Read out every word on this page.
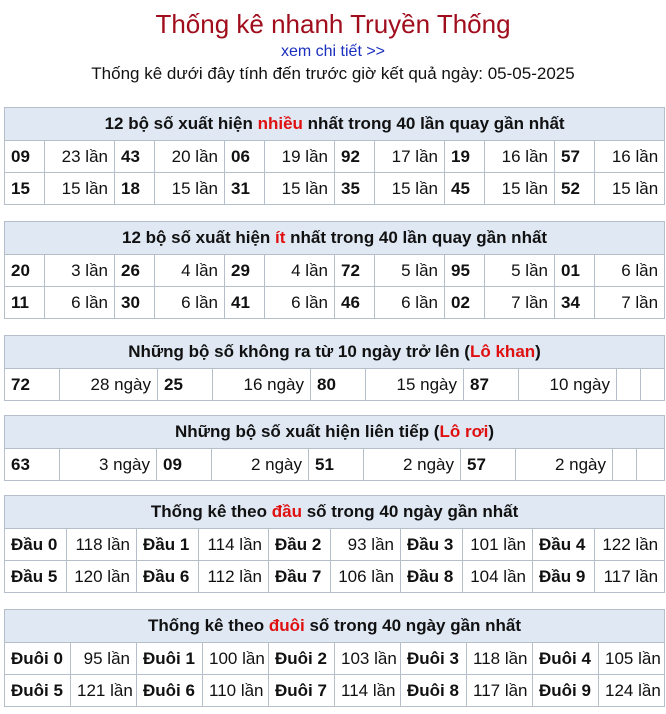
Thống kê nhanh Truyền Thống
xem chi tiết >>
Thống kê dưới đây tính đến trước giờ kết quả ngày: 05-05-2025
12 bộ số xuất hiện nhiều nhất trong 40 lần quay gần nhất											
09	23 lần	43	20 lần	06	19 lần	92	17 lần	19	16 lần	57	16 lần
15	15 lần	18	15 lần	31	15 lần	35	15 lần	45	15 lần	52	15 lần
12 bộ số xuất hiện ít nhất trong 40 lần quay gần nhất											
20	3 lần	26	4 lần	29	4 lần	72	5 lần	95	5 lần	01	6 lần
11	6 lần	30	6 lần	41	6 lần	46	6 lần	02	7 lần	34	7 lần
Những bộ số không ra từ 10 ngày trở lên (Lô khan)
72	28 ngày	25	16 ngày	80	15 ngày	87	10 ngày		
Những bộ số xuất hiện liên tiếp (Lô rơi)
63	3 ngày	09	2 ngày	51	2 ngày	57	2 ngày		
Thống kê theo đầu số trong 40 ngày gần nhất									
Đầu 0	118 lần	Đầu 1	114 lần	Đầu 2	93 lần	Đầu 3	101 lần	Đầu 4	122 lần
Đầu 5	120 lần	Đầu 6	112 lần	Đầu 7	106 lần	Đầu 8	104 lần	Đầu 9	117 lần
Thống kê theo đuôi số trong 40 ngày gần nhất									
Đuôi 0	95 lần	Đuôi 1	100 lần	Đuôi 2	103 lần	Đuôi 3	118 lần	Đuôi 4	105 lần
Đuôi 5	121 lần	Đuôi 6	110 lần	Đuôi 7	114 lần	Đuôi 8	117 lần	Đuôi 9	124 lần
